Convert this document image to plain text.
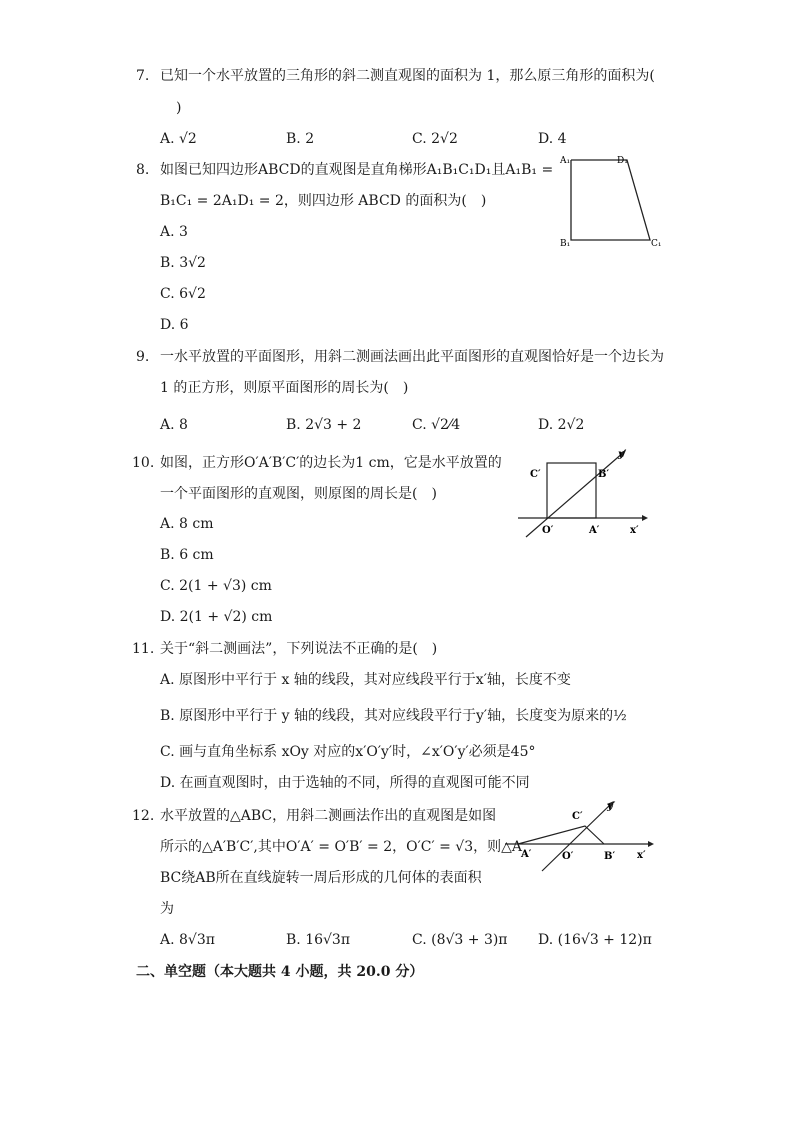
7. 已知一个水平放置的三角形的斜二测直观图的面积为 1，那么原三角形的面积为(
)
A. √2	B. 2	C. 2√2	D. 4
8. 如图已知四边形ABCD的直观图是直角梯形A₁B₁C₁D₁且A₁B₁ =
B₁C₁ = 2A₁D₁ = 2，则四边形 ABCD 的面积为(　)
A. 3
B. 3√2
C. 6√2
D. 6
A₁	D₁
B₁	C₁
9. 一水平放置的平面图形，用斜二测画法画出此平面图形的直观图恰好是一个边长为
1 的正方形，则原平面图形的周长为(　)
A. 8	B. 2√3 + 2	C. √2⁄4	D. 2√2
10. 如图，正方形O′A′B′C′的边长为1 cm，它是水平放置的
一个平面图形的直观图，则原图的周长是(　)
A. 8 cm
B. 6 cm
C. 2(1 + √3) cm
D. 2(1 + √2) cm
y′
C′	B′
O′	A′	x′
11. 关于“斜二测画法”，下列说法不正确的是(　)
A. 原图形中平行于 x 轴的线段，其对应线段平行于x′轴，长度不变
B. 原图形中平行于 y 轴的线段，其对应线段平行于y′轴，长度变为原来的½
C. 画与直角坐标系 xOy 对应的x′O′y′时，∠x′O′y′必须是45°
D. 在画直观图时，由于选轴的不同，所得的直观图可能不同
12. 水平放置的△ABC，用斜二测画法作出的直观图是如图
所示的△A′B′C′,其中O′A′ = O′B′ = 2，O′C′ = √3，则△A
BC绕AB所在直线旋转一周后形成的几何体的表面积
为
A. 8√3π	B. 16√3π	C. (8√3 + 3)π D. (16√3 + 12)π
y′
C′
A′	O′	B′ x′
二、单空题（本大题共 4 小题，共 20.0 分）
